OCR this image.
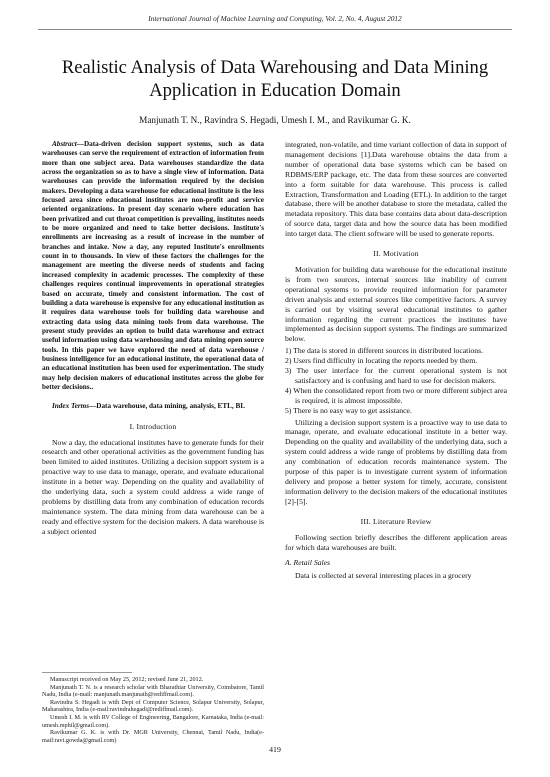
International Journal of Machine Learning and Computing, Vol. 2, No. 4, August 2012
Realistic Analysis of Data Warehousing and Data Mining Application in Education Domain
Manjunath T. N., Ravindra S. Hegadi, Umesh I. M., and Ravikumar G. K.

Abstract—Data-driven decision support systems, such as data warehouses can serve the requirement of extraction of information from more than one subject area. Data warehouses standardize the data across the organization so as to have a single view of information. Data warehouses can provide the information required by the decision makers. Developing a data warehouse for educational institute is the less focused area since educational institutes are non-profit and service oriented organizations. In present day scenario where education has been privatized and cut throat competition is prevailing, institutes needs to be more organized and need to take better decisions. Institute's enrollments are increasing as a result of increase in the number of branches and intake. Now a day, any reputed Institute's enrollments count in to thousands. In view of these factors the challenges for the management are meeting the diverse needs of students and facing increased complexity in academic processes. The complexity of these challenges requires continual improvements in operational strategies based on accurate, timely and consistent information. The cost of building a data warehouse is expensive for any educational institution as it requires data warehouse tools for building data warehouse and extracting data using data mining tools from data warehouse. The present study provides an option to build data warehouse and extract useful information using data warehousing and data mining open source tools. In this paper we have explored the need of data warehouse / business intelligence for an educational institute, the operational data of an educational institution has been used for experimentation. The study may help decision makers of educational institutes across the globe for better decisions..

Index Terms—Data warehouse, data mining, analysis, ETL, BI.

I. Introduction

Now a day, the educational institutes have to generate funds for their research and other operational activities as the government funding has been limited to aided institutes. Utilizing a decision support system is a proactive way to use data to manage, operate, and evaluate educational institute in a better way. Depending on the quality and availability of the underlying data, such a system could address a wide range of problems by distilling data from any combination of education records maintenance system. The data mining from data warehouse can be a ready and effective system for the decision makers. A data warehouse is a subject oriented

integrated, non-volatile, and time variant collection of data in support of management decisions [1].Data warehouse obtains the data from a number of operational data base systems which can be based on RDBMS/ERP package, etc. The data from these sources are converted into a form suitable for data warehouse. This process is called Extraction, Transformation and Loading (ETL). In addition to the target database, there will be another database to store the metadata, called the metadata repository. This data base contains data about data-description of source data, target data and how the source data has been modified into target data. The client software will be used to generate reports.

II. Motivation

Motivation for building data warehouse for the educational institute is from two sources, internal sources like inability of current operational systems to provide required information for parameter driven analysis and external sources like competitive factors. A survey is carried out by visiting several educational institutes to gather information regarding the current practices the institutes have implemented as decision support systems. The findings are summarized below.

1) The data is stored in different sources in distributed locations.
2) Users find difficulty in locating the reports needed by them.
3) The user interface for the current operational system is not satisfactory and is confusing and hard to use for decision makers.
4) When the consolidated report from two or more different subject area is required, it is almost impossible.
5) There is no easy way to get assistance.

Utilizing a decision support system is a proactive way to use data to manage, operate, and evaluate educational institute in a better way. Depending on the quality and availability of the underlying data, such a system could address a wide range of problems by distilling data from any combination of education records maintenance system. The purpose of this paper is to investigate current system of information delivery and propose a better system for timely, accurate, consistent information delivery to the decision makers of the educational institutes [2]-[5].

III. Literature Review

Following section briefly describes the different application areas for which data warehouses are built.

A. Retail Sales

Data is collected at several interesting places in a grocery

Manuscript received on May 25, 2012; revised June 21, 2012.

Manjunath T. N. is a research scholar with Bharathiar University, Coimbatore, Tamil Nadu, India (e-mail: manjunath.manjunath@rediffmail.com).

Ravindra S. Hegadi is with Dept of Computer Science, Solapur University, Solapur, Maharashtra, India (e-mail:ravindrahegadi@rediffmail.com).

Umesh I. M. is with RV College of Engineering, Bangalore, Karnataka, India (e-mail: umesh.mphil@gmail.com).

Ravikumar G. K. is with Dr. MGR University, Chennai, Tamil Nadu, India(e-mail:ravi.gowda@gmail.com)

419
